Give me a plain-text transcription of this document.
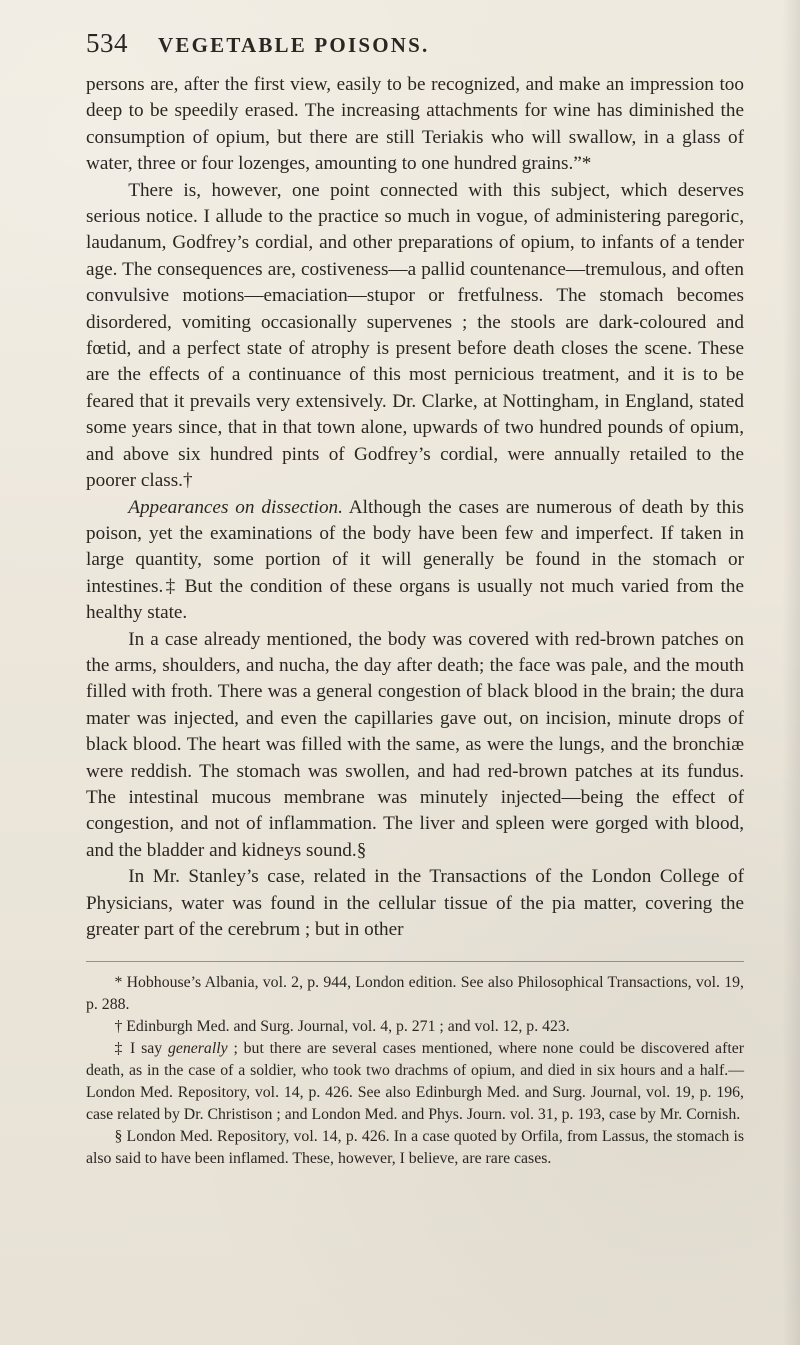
534	VEGETABLE POISONS.

persons are, after the first view, easily to be recognized, and make an impression too deep to be speedily erased. The increasing attachments for wine has diminished the consumption of opium, but there are still Teriakis who will swallow, in a glass of water, three or four lozenges, amounting to one hundred grains.”*

There is, however, one point connected with this subject, which deserves serious notice. I allude to the practice so much in vogue, of administering paregoric, laudanum, Godfrey’s cordial, and other preparations of opium, to infants of a tender age. The consequences are, costiveness—a pallid countenance—tremulous, and often convulsive motions—emaciation—stupor or fretfulness. The stomach becomes disordered, vomiting occasionally supervenes ; the stools are dark-coloured and fœtid, and a perfect state of atrophy is present before death closes the scene. These are the effects of a continuance of this most pernicious treatment, and it is to be feared that it prevails very extensively. Dr. Clarke, at Nottingham, in England, stated some years since, that in that town alone, upwards of two hundred pounds of opium, and above six hundred pints of Godfrey’s cordial, were annually retailed to the poorer class.†

Appearances on dissection. Although the cases are numerous of death by this poison, yet the examinations of the body have been few and imperfect. If taken in large quantity, some portion of it will generally be found in the stomach or intestines.‡ But the condition of these organs is usually not much varied from the healthy state.

In a case already mentioned, the body was covered with red-brown patches on the arms, shoulders, and nucha, the day after death; the face was pale, and the mouth filled with froth. There was a general congestion of black blood in the brain; the dura mater was injected, and even the capillaries gave out, on incision, minute drops of black blood. The heart was filled with the same, as were the lungs, and the bronchiæ were reddish. The stomach was swollen, and had red-brown patches at its fundus. The intestinal mucous membrane was minutely injected—being the effect of congestion, and not of inflammation. The liver and spleen were gorged with blood, and the bladder and kidneys sound.§

In Mr. Stanley’s case, related in the Transactions of the London College of Physicians, water was found in the cellular tissue of the pia matter, covering the greater part of the cerebrum ; but in other

* Hobhouse’s Albania, vol. 2, p. 944, London edition. See also Philosophical Transactions, vol. 19, p. 288.

† Edinburgh Med. and Surg. Journal, vol. 4, p. 271 ; and vol. 12, p. 423.

‡ I say generally ; but there are several cases mentioned, where none could be discovered after death, as in the case of a soldier, who took two drachms of opium, and died in six hours and a half.—London Med. Repository, vol. 14, p. 426. See also Edinburgh Med. and Surg. Journal, vol. 19, p. 196, case related by Dr. Christison ; and London Med. and Phys. Journ. vol. 31, p. 193, case by Mr. Cornish.

§ London Med. Repository, vol. 14, p. 426. In a case quoted by Orfila, from Lassus, the stomach is also said to have been inflamed. These, however, I believe, are rare cases.
